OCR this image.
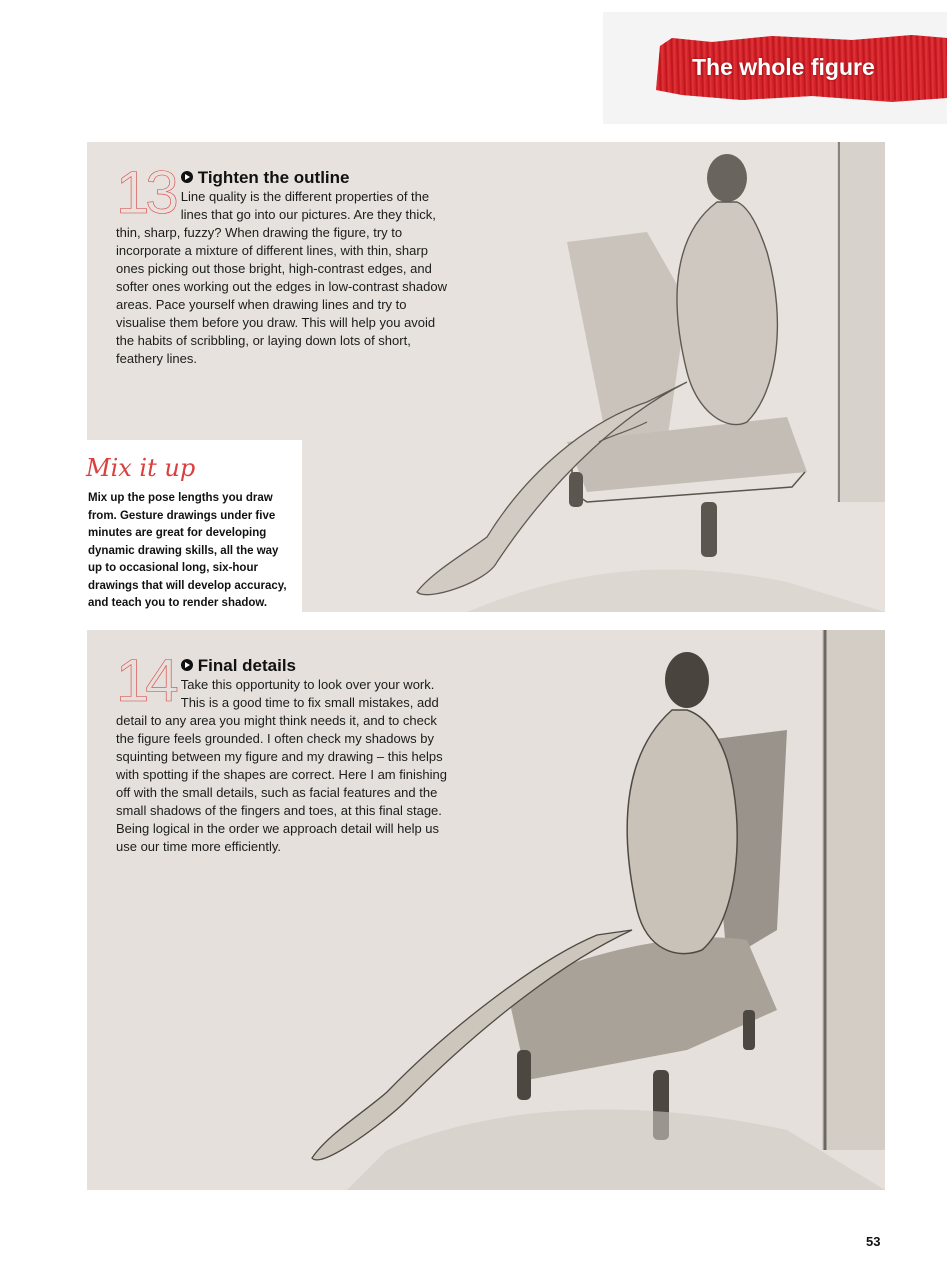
The whole figure
13	Tighten the outline
Line quality is the different properties of the lines that go into our pictures. Are they thick, thin, sharp, fuzzy? When drawing the figure, try to incorporate a mixture of different lines, with thin, sharp ones picking out those bright, high-contrast edges, and softer ones working out the edges in low-contrast shadow areas. Pace yourself when drawing lines and try to visualise them before you draw. This will help you avoid the habits of scribbling, or laying down lots of short, feathery lines.
Mix it up
Mix up the pose lengths you draw from. Gesture drawings under five minutes are great for developing dynamic drawing skills, all the way up to occasional long, six-hour drawings that will develop accuracy, and teach you to render shadow.
14	Final details
Take this opportunity to look over your work. This is a good time to fix small mistakes, add detail to any area you might think needs it, and to check the figure feels grounded. I often check my shadows by squinting between my figure and my drawing – this helps with spotting if the shapes are correct. Here I am finishing off with the small details, such as facial features and the small shadows of the fingers and toes, at this final stage. Being logical in the order we approach detail will help us use our time more efficiently.
53
